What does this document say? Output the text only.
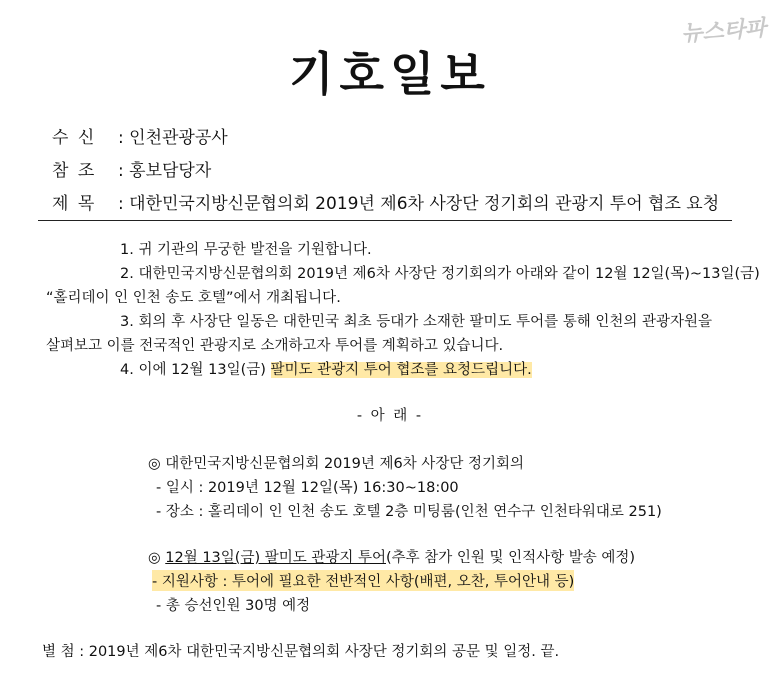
뉴스타파
기호일보
수 신 : 인천관광공사
참 조 : 홍보담당자
제 목 : 대한민국지방신문협의회 2019년 제6차 사장단 정기회의 관광지 투어 협조 요청
1. 귀 기관의 무궁한 발전을 기원합니다.
2. 대한민국지방신문협의회 2019년 제6차 사장단 정기회의가 아래와 같이 12월 12일(목)~13일(금)
“홀리데이 인 인천 송도 호텔”에서 개최됩니다.
3. 회의 후 사장단 일동은 대한민국 최초 등대가 소재한 팔미도 투어를 통해 인천의 관광자원을
살펴보고 이를 전국적인 관광지로 소개하고자 투어를 계획하고 있습니다.
4. 이에 12월 13일(금) 팔미도 관광지 투어 협조를 요청드립니다.
- 아 래 -
◎ 대한민국지방신문협의회 2019년 제6차 사장단 정기회의
- 일시 : 2019년 12월 12일(목) 16:30~18:00
- 장소 : 홀리데이 인 인천 송도 호텔 2층 미팅룸(인천 연수구 인천타워대로 251)
◎ 12월 13일(금) 팔미도 관광지 투어(추후 참가 인원 및 인적사항 발송 예정)
- 지원사항 : 투어에 필요한 전반적인 사항(배편, 오찬, 투어안내 등)
- 총 승선인원 30명 예정
별 첨 : 2019년 제6차 대한민국지방신문협의회 사장단 정기회의 공문 및 일정. 끝.
